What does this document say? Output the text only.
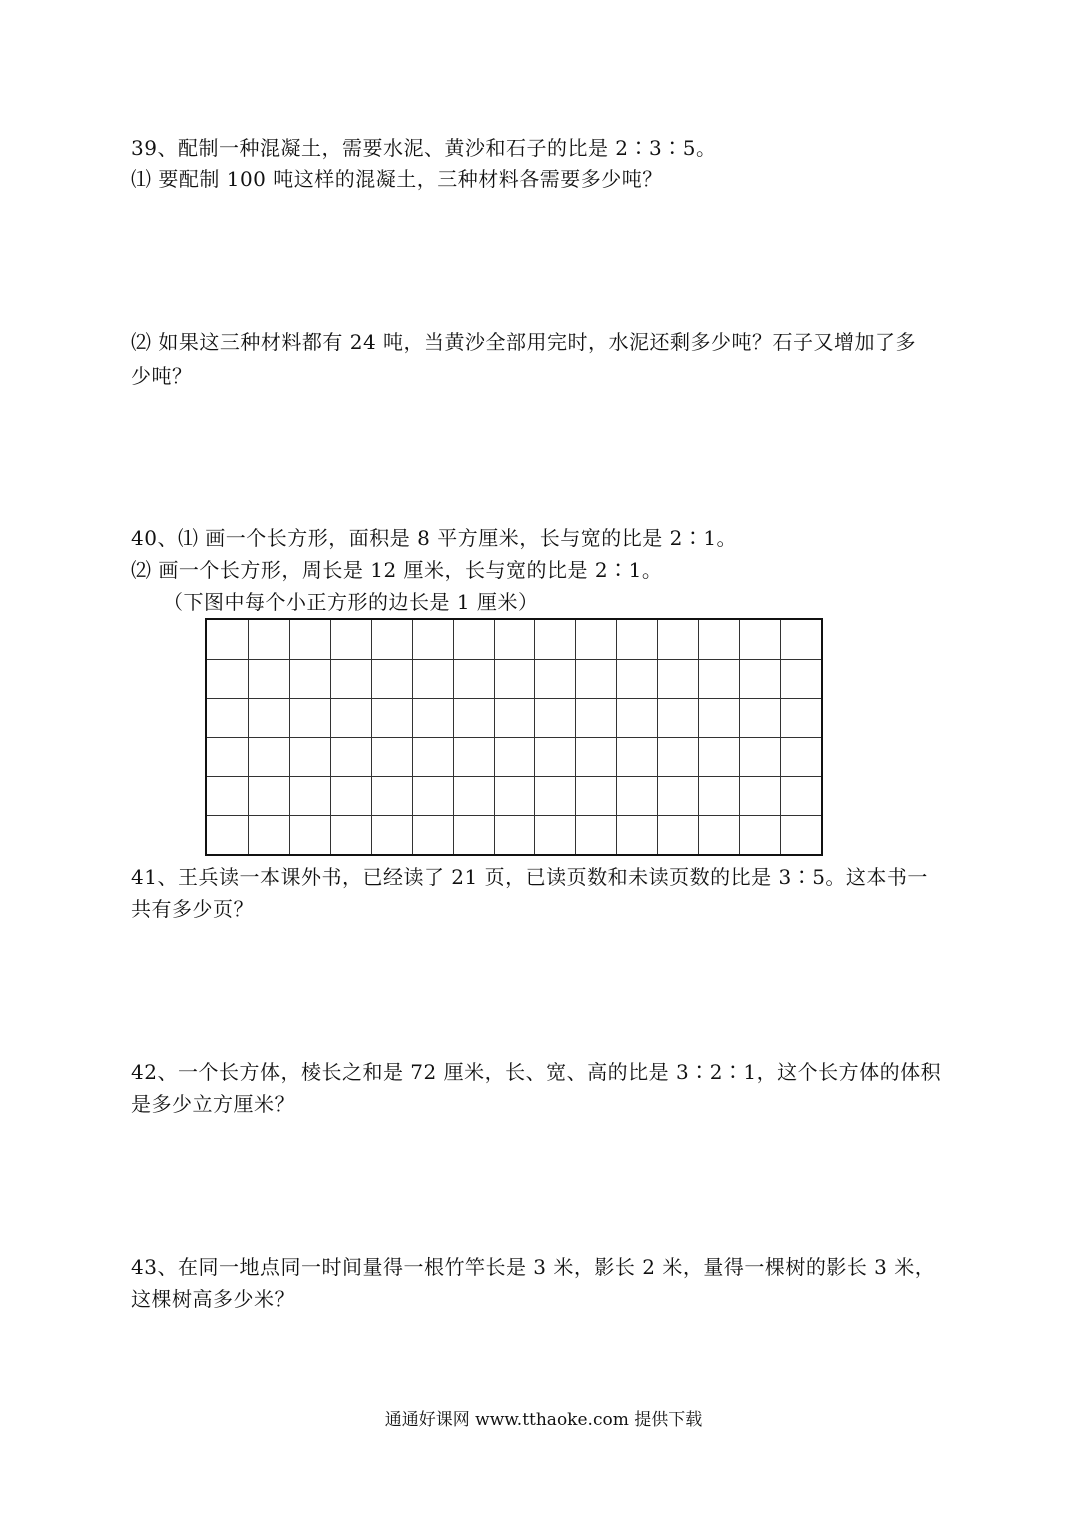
39、配制一种混凝土，需要水泥、黄沙和石子的比是 2∶3∶5。
⑴ 要配制 100 吨这样的混凝土，三种材料各需要多少吨？
⑵ 如果这三种材料都有 24 吨，当黄沙全部用完时，水泥还剩多少吨？石子又增加了多
少吨？
40、⑴ 画一个长方形，面积是 8 平方厘米，长与宽的比是 2∶1。
⑵ 画一个长方形，周长是 12 厘米，长与宽的比是 2∶1。
（下图中每个小正方形的边长是 1 厘米）
41、王兵读一本课外书，已经读了 21 页，已读页数和未读页数的比是 3∶5。这本书一
共有多少页？
42、一个长方体，棱长之和是 72 厘米，长、宽、高的比是 3∶2∶1，这个长方体的体积
是多少立方厘米？
43、在同一地点同一时间量得一根竹竿长是 3 米，影长 2 米，量得一棵树的影长 3 米，
这棵树高多少米？
通通好课网 www.tthaoke.com 提供下载
